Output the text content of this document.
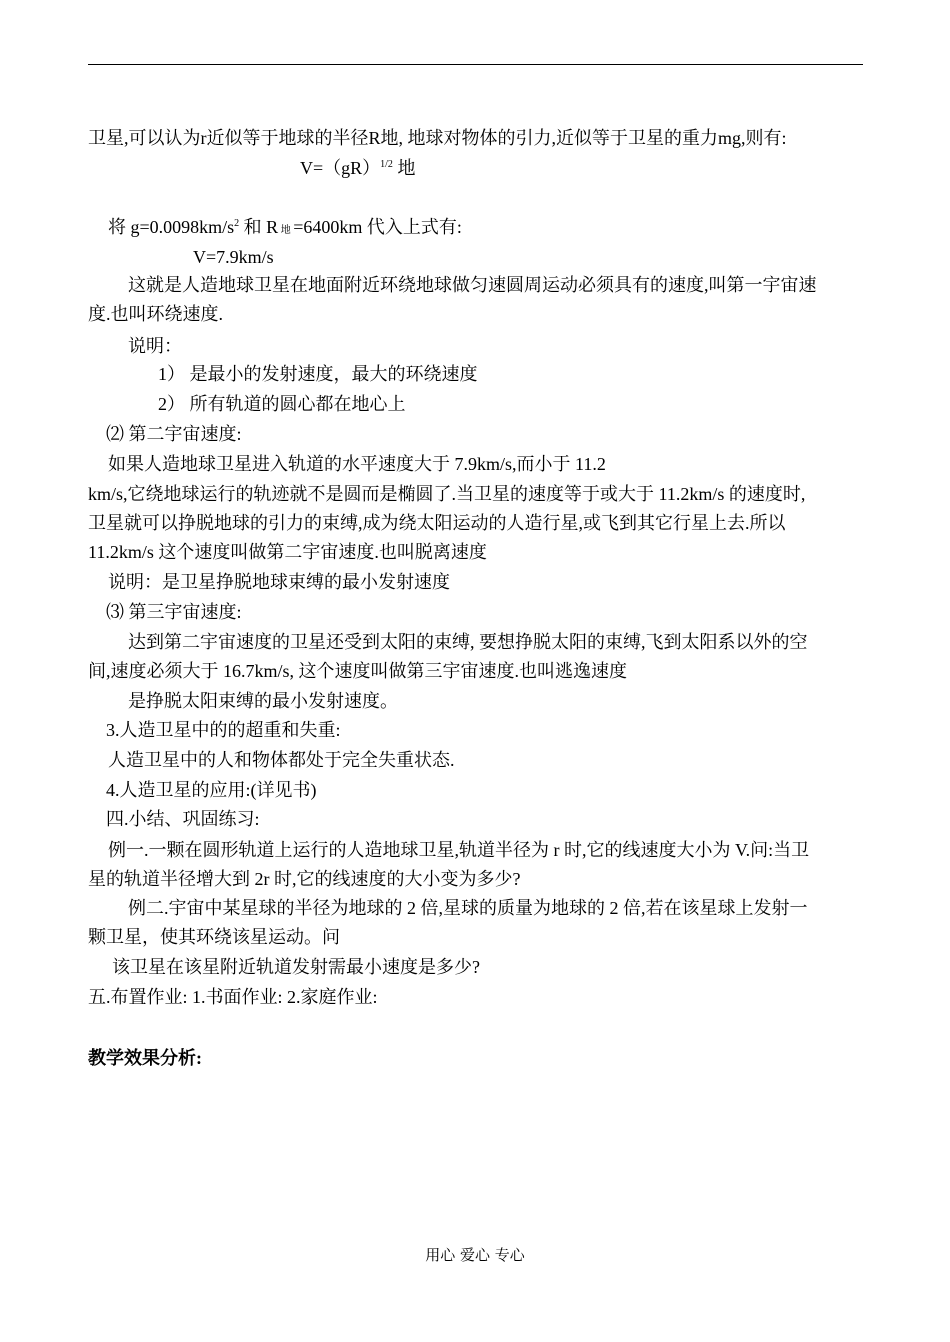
卫星,可以认为r近似等于地球的半径R地, 地球对物体的引力,近似等于卫星的重力mg,则有:
V=（gR）$^{1/2}$ 地
将 $g=0.0098km/s^2$ 和 R 地 =6400km 代入上式有:
V=7.9km/s
这就是人造地球卫星在地面附近环绕地球做匀速圆周运动必须具有的速度,叫第一宇宙速
度.也叫环绕速度.
说明：
1） 是最小的发射速度，最大的环绕速度
2） 所有轨道的圆心都在地心上
⑵ 第二宇宙速度:
如果人造地球卫星进入轨道的水平速度大于 7.9km/s,而小于 11.2
km/s,它绕地球运行的轨迹就不是圆而是椭圆了.当卫星的速度等于或大于 11.2km/s 的速度时,
卫星就可以挣脱地球的引力的束缚,成为绕太阳运动的人造行星,或飞到其它行星上去.所以
11.2km/s 这个速度叫做第二宇宙速度.也叫脱离速度
说明：是卫星挣脱地球束缚的最小发射速度
⑶ 第三宇宙速度:
达到第二宇宙速度的卫星还受到太阳的束缚, 要想挣脱太阳的束缚,飞到太阳系以外的空
间,速度必须大于 16.7km/s, 这个速度叫做第三宇宙速度.也叫逃逸速度
是挣脱太阳束缚的最小发射速度。
3.人造卫星中的的超重和失重:
人造卫星中的人和物体都处于完全失重状态.
4.人造卫星的应用:(详见书)
四.小结、巩固练习:
例一.一颗在圆形轨道上运行的人造地球卫星,轨道半径为 r 时,它的线速度大小为 V.问:当卫
星的轨道半径增大到 2r 时,它的线速度的大小变为多少?
例二.宇宙中某星球的半径为地球的 2 倍,星球的质量为地球的 2 倍,若在该星球上发射一
颗卫星，使其环绕该星运动。问
该卫星在该星附近轨道发射需最小速度是多少?
五.布置作业: 1.书面作业: 2.家庭作业:
教学效果分析:
用心 爱心 专心
